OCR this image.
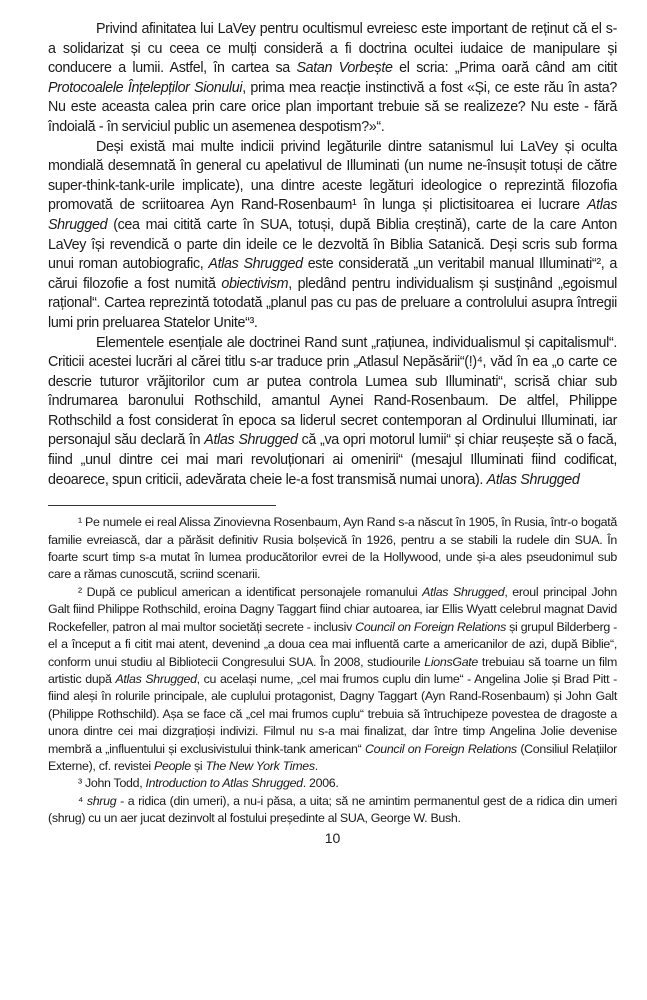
Privind afinitatea lui LaVey pentru ocultismul evreiesc este important de reținut că el s-a solidarizat și cu ceea ce mulți consideră a fi doctrina ocultei iudaice de manipulare și conducere a lumii. Astfel, în cartea sa Satan Vorbește el scria: „Prima oară când am citit Protocoalele Înțelepților Sionului, prima mea reacție instinctivă a fost «Și, ce este rău în asta? Nu este aceasta calea prin care orice plan important trebuie să se realizeze? Nu este - fără îndoială - în serviciul public un asemenea despotism?»“.

Deși există mai multe indicii privind legăturile dintre satanismul lui LaVey și oculta mondială desemnată în general cu apelativul de Illuminati (un nume ne-însușit totuși de către super-think-tank-urile implicate), una dintre aceste legături ideologice o reprezintă filozofia promovată de scriitoarea Ayn Rand-Rosenbaum¹ în lunga și plictisitoarea ei lucrare Atlas Shrugged (cea mai citită carte în SUA, totuși, după Biblia creștină), carte de la care Anton LaVey își revendică o parte din ideile ce le dezvoltă în Biblia Satanică. Deși scris sub forma unui roman autobiografic, Atlas Shrugged este considerată „un veritabil manual Illuminati“², a cărui filozofie a fost numită obiectivism, pledând pentru individualism și susținând „egoismul rațional“. Cartea reprezintă totodată „planul pas cu pas de preluare a controlului asupra întregii lumi prin preluarea Statelor Unite“³.

Elementele esențiale ale doctrinei Rand sunt „rațiunea, individualismul și capitalismul“. Criticii acestei lucrări al cărei titlu s-ar traduce prin „Atlasul Nepăsării“(!)⁴, văd în ea „o carte ce descrie tuturor vrăjitorilor cum ar putea controla Lumea sub Illuminati“, scrisă chiar sub îndrumarea baronului Rothschild, amantul Aynei Rand-Rosenbaum. De altfel, Philippe Rothschild a fost considerat în epoca sa liderul secret contemporan al Ordinului Illuminati, iar personajul său declară în Atlas Shrugged că „va opri motorul lumii“ și chiar reușește să o facă, fiind „unul dintre cei mai mari revoluționari ai omenirii“ (mesajul Illuminati fiind codificat, deoarece, spun criticii, adevărata cheie le-a fost transmisă numai unora). Atlas Shrugged

¹ Pe numele ei real Alissa Zinovievna Rosenbaum, Ayn Rand s-a născut în 1905, în Rusia, într-o bogată familie evreiască, dar a părăsit definitiv Rusia bolșevică în 1926, pentru a se stabili la rudele din SUA. În foarte scurt timp s-a mutat în lumea producătorilor evrei de la Hollywood, unde și-a ales pseudonimul sub care a rămas cunoscută, scriind scenarii.

² După ce publicul american a identificat personajele romanului Atlas Shrugged, eroul principal John Galt fiind Philippe Rothschild, eroina Dagny Taggart fiind chiar autoarea, iar Ellis Wyatt celebrul magnat David Rockefeller, patron al mai multor societăți secrete - inclusiv Council on Foreign Relations și grupul Bilderberg - el a început a fi citit mai atent, devenind „a doua cea mai influentă carte a americanilor de azi, după Biblie“, conform unui studiu al Bibliotecii Congresului SUA. În 2008, studiourile LionsGate trebuiau să toarne un film artistic după Atlas Shrugged, cu același nume, „cel mai frumos cuplu din lume“ - Angelina Jolie și Brad Pitt - fiind aleși în rolurile principale, ale cuplului protagonist, Dagny Taggart (Ayn Rand-Rosenbaum) și John Galt (Philippe Rothschild). Așa se face că „cel mai frumos cuplu“ trebuia să întruchipeze povestea de dragoste a unora dintre cei mai dizgrațioși indivizi. Filmul nu s-a mai finalizat, dar între timp Angelina Jolie devenise membră a „influentului și exclusivistului think-tank american“ Council on Foreign Relations (Consiliul Relațiilor Externe), cf. revistei People și The New York Times.

³ John Todd, Introduction to Atlas Shrugged. 2006.

⁴ shrug - a ridica (din umeri), a nu-i păsa, a uita; să ne amintim permanentul gest de a ridica din umeri (shrug) cu un aer jucat dezinvolt al fostului președinte al SUA, George W. Bush.

10
